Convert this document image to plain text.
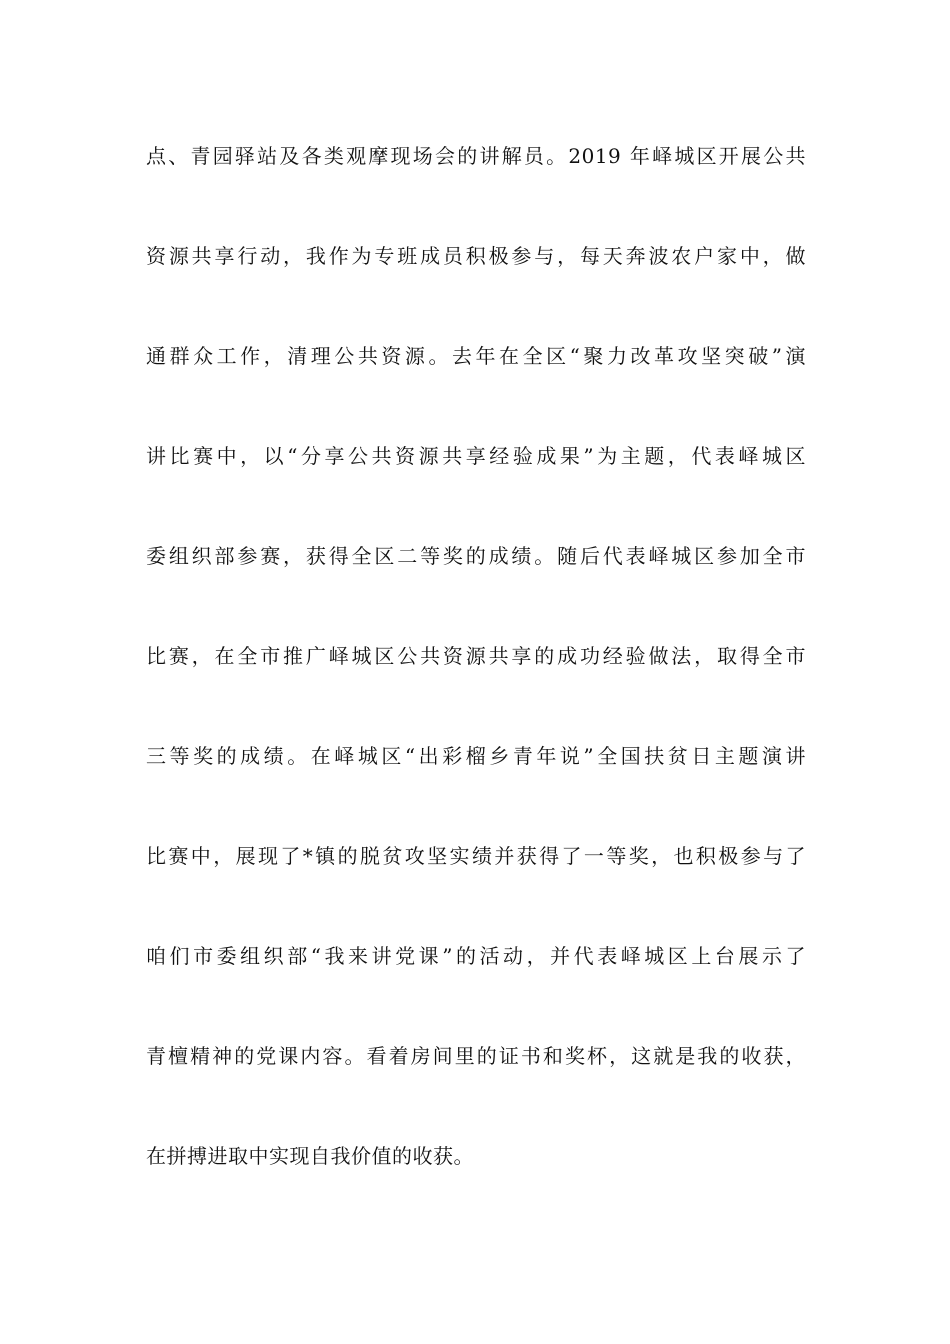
点、青园驿站及各类观摩现场会的讲解员。2019 年峄城区开展公共
资源共享行动，我作为专班成员积极参与，每天奔波农户家中，做
通群众工作，清理公共资源。去年在全区“聚力改革攻坚突破”演
讲比赛中，以“分享公共资源共享经验成果”为主题，代表峄城区
委组织部参赛，获得全区二等奖的成绩。随后代表峄城区参加全市
比赛，在全市推广峄城区公共资源共享的成功经验做法，取得全市
三等奖的成绩。在峄城区“出彩榴乡青年说”全国扶贫日主题演讲
比赛中，展现了*镇的脱贫攻坚实绩并获得了一等奖，也积极参与了
咱们市委组织部“我来讲党课”的活动，并代表峄城区上台展示了
青檀精神的党课内容。看着房间里的证书和奖杯，这就是我的收获，
在拼搏进取中实现自我价值的收获。
